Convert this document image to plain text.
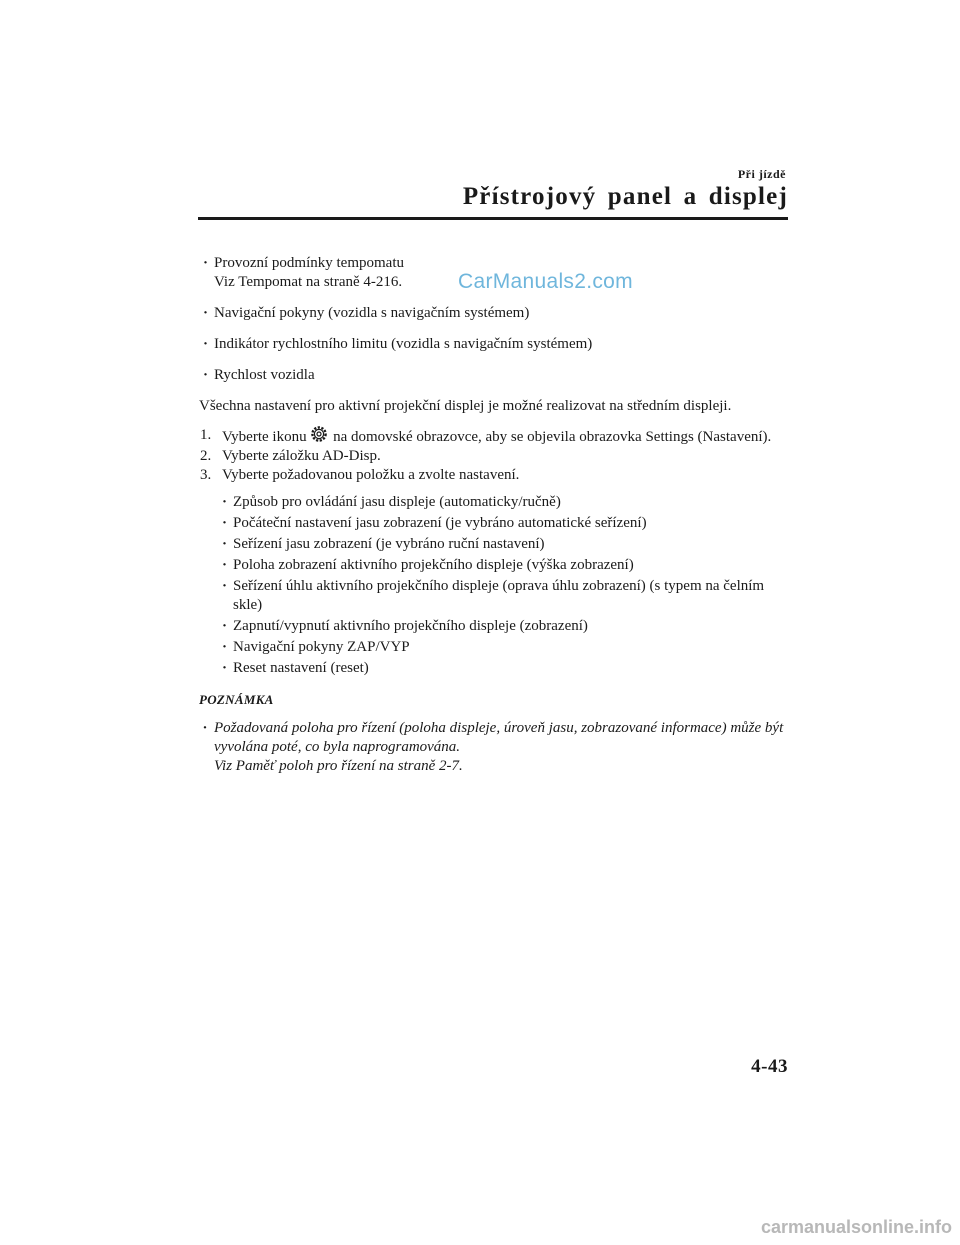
Při jízdě
Přístrojový panel a displej
CarManuals2.com
· Provozní podmínky tempomatu
Viz Tempomat na straně 4-216.
· Navigační pokyny (vozidla s navigačním systémem)
· Indikátor rychlostního limitu (vozidla s navigačním systémem)
· Rychlost vozidla

Všechna nastavení pro aktivní projekční displej je možné realizovat na středním displeji.

1. Vyberte ikonu na domovské obrazovce, aby se objevila obrazovka Settings (Nastavení).
2. Vyberte záložku AD-Disp.
3. Vyberte požadovanou položku a zvolte nastavení.
· Způsob pro ovládání jasu displeje (automaticky/ručně)
· Počáteční nastavení jasu zobrazení (je vybráno automatické seřízení)
· Seřízení jasu zobrazení (je vybráno ruční nastavení)
· Poloha zobrazení aktivního projekčního displeje (výška zobrazení)
· Seřízení úhlu aktivního projekčního displeje (oprava úhlu zobrazení) (s typem na čelním skle)
· Zapnutí/vypnutí aktivního projekčního displeje (zobrazení)
· Navigační pokyny ZAP/VYP
· Reset nastavení (reset)

POZNÁMKA

· Požadovaná poloha pro řízení (poloha displeje, úroveň jasu, zobrazované informace) může být vyvolána poté, co byla naprogramována.
Viz Paměť poloh pro řízení na straně 2-7.
4-43
carmanualsonline.info
